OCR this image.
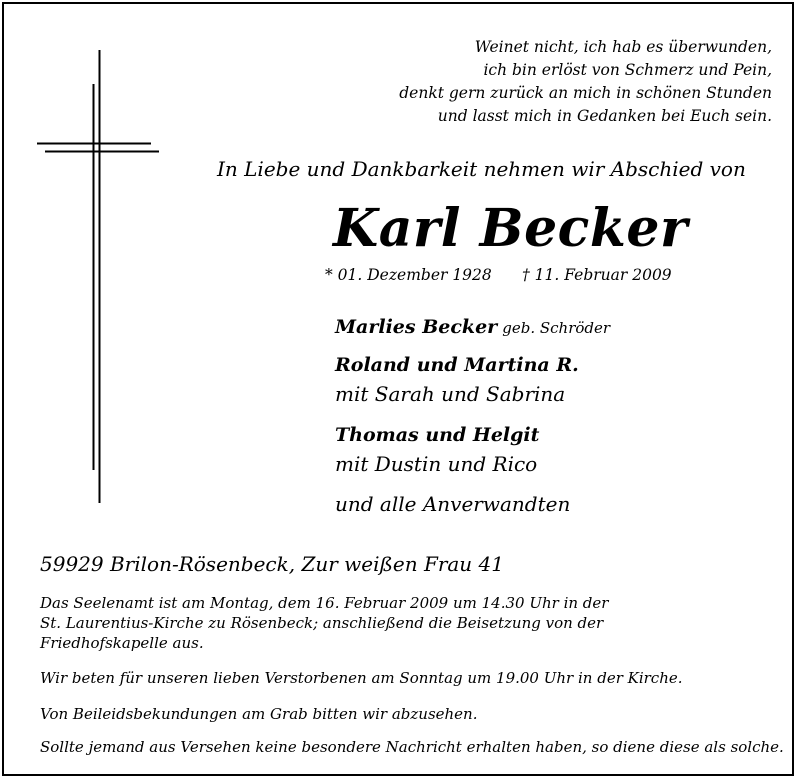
Weinet nicht, ich hab es überwunden,
ich bin erlöst von Schmerz und Pein,
denkt gern zurück an mich in schönen Stunden
und lasst mich in Gedanken bei Euch sein.
In Liebe und Dankbarkeit nehmen wir Abschied von
Karl Becker
* 01. Dezember 1928 † 11. Februar 2009
Marlies Becker geb. Schröder
Roland und Martina R.
mit Sarah und Sabrina
Thomas und Helgit
mit Dustin und Rico
und alle Anverwandten
59929 Brilon-Rösenbeck, Zur weißen Frau 41
Das Seelenamt ist am Montag, dem 16. Februar 2009 um 14.30 Uhr in der
St. Laurentius-Kirche zu Rösenbeck; anschließend die Beisetzung von der
Friedhofskapelle aus.
Wir beten für unseren lieben Verstorbenen am Sonntag um 19.00 Uhr in der Kirche.
Von Beileidsbekundungen am Grab bitten wir abzusehen.
Sollte jemand aus Versehen keine besondere Nachricht erhalten haben, so diene diese als solche.
